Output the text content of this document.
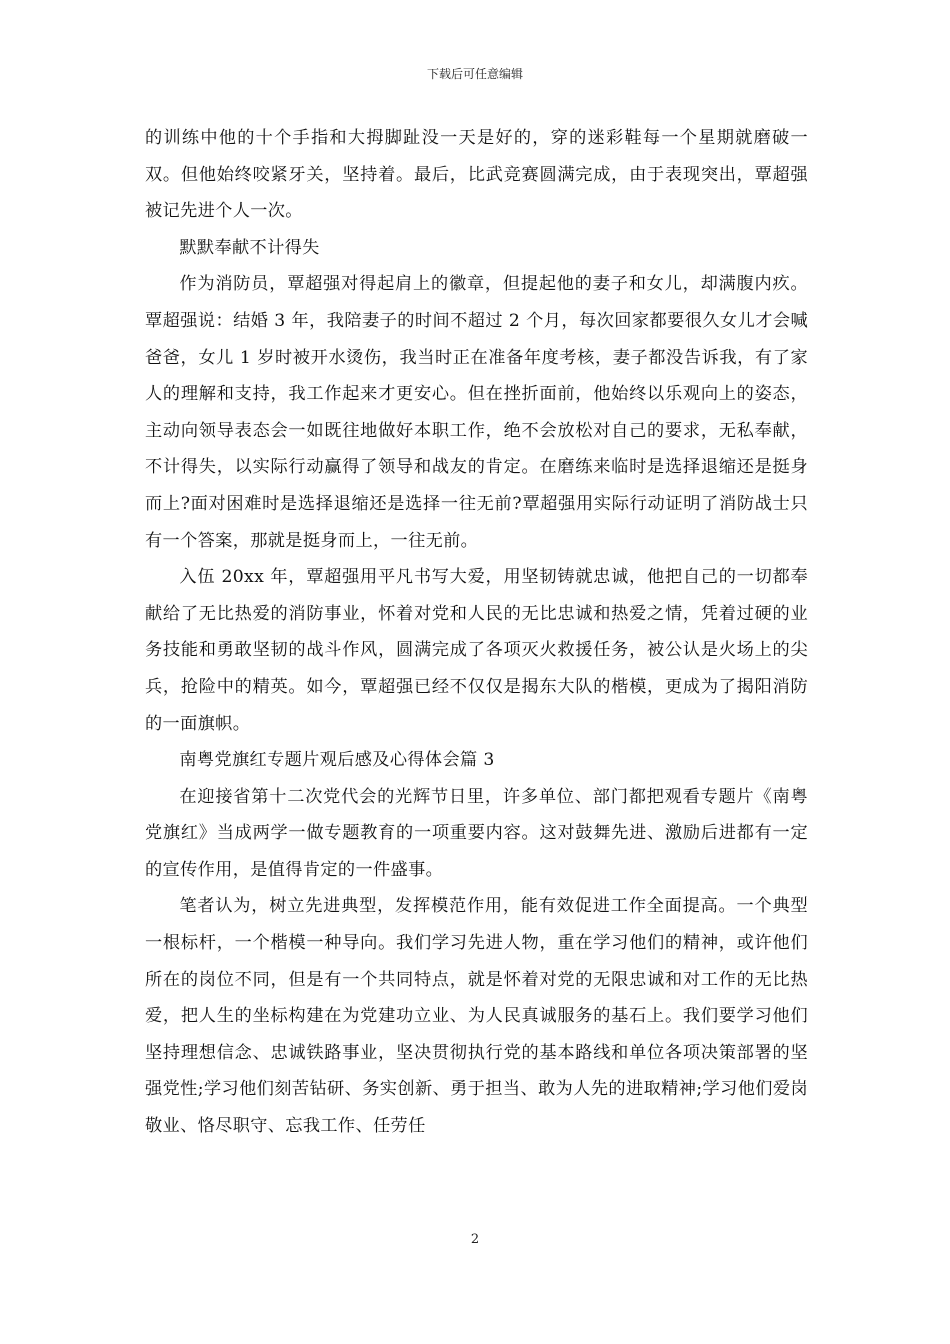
下载后可任意编辑

的训练中他的十个手指和大拇脚趾没一天是好的，穿的迷彩鞋每一个星期就磨破一双。但他始终咬紧牙关，坚持着。最后，比武竞赛圆满完成，由于表现突出，覃超强被记先进个人一次。

默默奉献不计得失

作为消防员，覃超强对得起肩上的徽章，但提起他的妻子和女儿，却满腹内疚。覃超强说：结婚 3 年，我陪妻子的时间不超过 2 个月，每次回家都要很久女儿才会喊爸爸，女儿 1 岁时被开水烫伤，我当时正在准备年度考核，妻子都没告诉我，有了家人的理解和支持，我工作起来才更安心。但在挫折面前，他始终以乐观向上的姿态，主动向领导表态会一如既往地做好本职工作，绝不会放松对自己的要求，无私奉献，不计得失，以实际行动赢得了领导和战友的肯定。在磨练来临时是选择退缩还是挺身而上?面对困难时是选择退缩还是选择一往无前?覃超强用实际行动证明了消防战士只有一个答案，那就是挺身而上，一往无前。

入伍 20xx 年，覃超强用平凡书写大爱，用坚韧铸就忠诚，他把自己的一切都奉献给了无比热爱的消防事业，怀着对党和人民的无比忠诚和热爱之情，凭着过硬的业务技能和勇敢坚韧的战斗作风，圆满完成了各项灭火救援任务，被公认是火场上的尖兵，抢险中的精英。如今，覃超强已经不仅仅是揭东大队的楷模，更成为了揭阳消防的一面旗帜。

南粤党旗红专题片观后感及心得体会篇 3

在迎接省第十二次党代会的光辉节日里，许多单位、部门都把观看专题片《南粤党旗红》当成两学一做专题教育的一项重要内容。这对鼓舞先进、激励后进都有一定的宣传作用，是值得肯定的一件盛事。

笔者认为，树立先进典型，发挥模范作用，能有效促进工作全面提高。一个典型一根标杆，一个楷模一种导向。我们学习先进人物，重在学习他们的精神，或许他们所在的岗位不同，但是有一个共同特点，就是怀着对党的无限忠诚和对工作的无比热爱，把人生的坐标构建在为党建功立业、为人民真诚服务的基石上。我们要学习他们坚持理想信念、忠诚铁路事业，坚决贯彻执行党的基本路线和单位各项决策部署的坚强党性;学习他们刻苦钻研、务实创新、勇于担当、敢为人先的进取精神;学习他们爱岗敬业、恪尽职守、忘我工作、任劳任

2
